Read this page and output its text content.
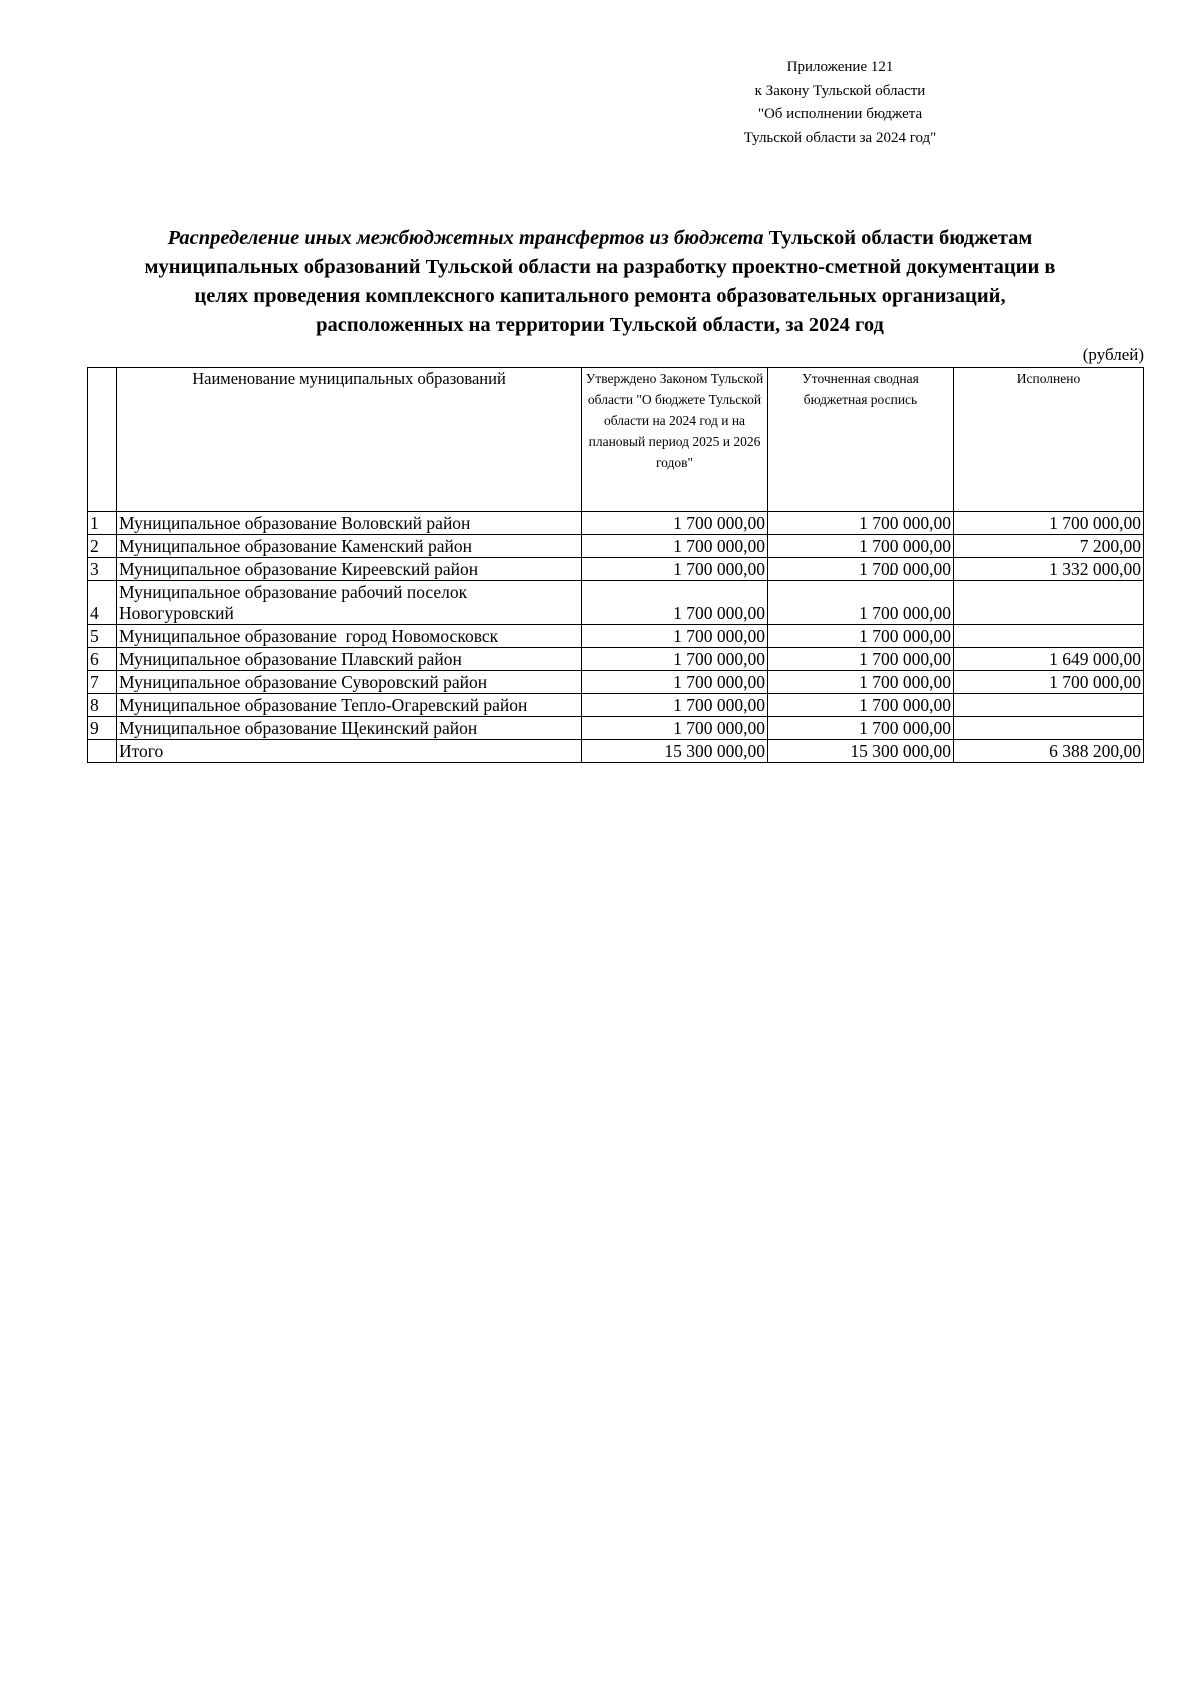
Приложение 121
к Закону Тульской области
"Об исполнении бюджета
Тульской области за 2024 год"
Распределение иных межбюджетных трансфертов из бюджета Тульской области бюджетам
муниципальных образований Тульской области на разработку проектно-сметной документации в
целях проведения комплексного капитального ремонта образовательных организаций,
расположенных на территории Тульской области, за 2024 год
(рублей)
	Наименование муниципальных образований	Утверждено Законом Тульской области "О бюджете Тульской области на 2024 год и на плановый период 2025 и 2026 годов"	Уточненная сводная бюджетная роспись	Исполнено
1	Муниципальное образование Воловский район	1 700 000,00	1 700 000,00	1 700 000,00
2	Муниципальное образование Каменский район	1 700 000,00	1 700 000,00	7 200,00
3	Муниципальное образование Киреевский район	1 700 000,00	1 700 000,00	1 332 000,00
4	Муниципальное образование рабочий поселок
Новогуровский	1 700 000,00	1 700 000,00 .	
5	Муниципальное образование  город Новомосковск	1 700 000,00	1 700 000,00	
6	Муниципальное образование Плавский район	1 700 000,00	1 700 000,00	1 649 000,00
7	Муниципальное образование Суворовский район	1 700 000,00	1 700 000,00	1 700 000,00
8	Муниципальное образование Тепло-Огаревский район	1 700 000,00	1 700 000,00	
9	Муниципальное образование Щекинский район	1 700 000,00	1 700 000,00	
	Итого	15 300 000,00	15 300 000,00	6 388 200,00
